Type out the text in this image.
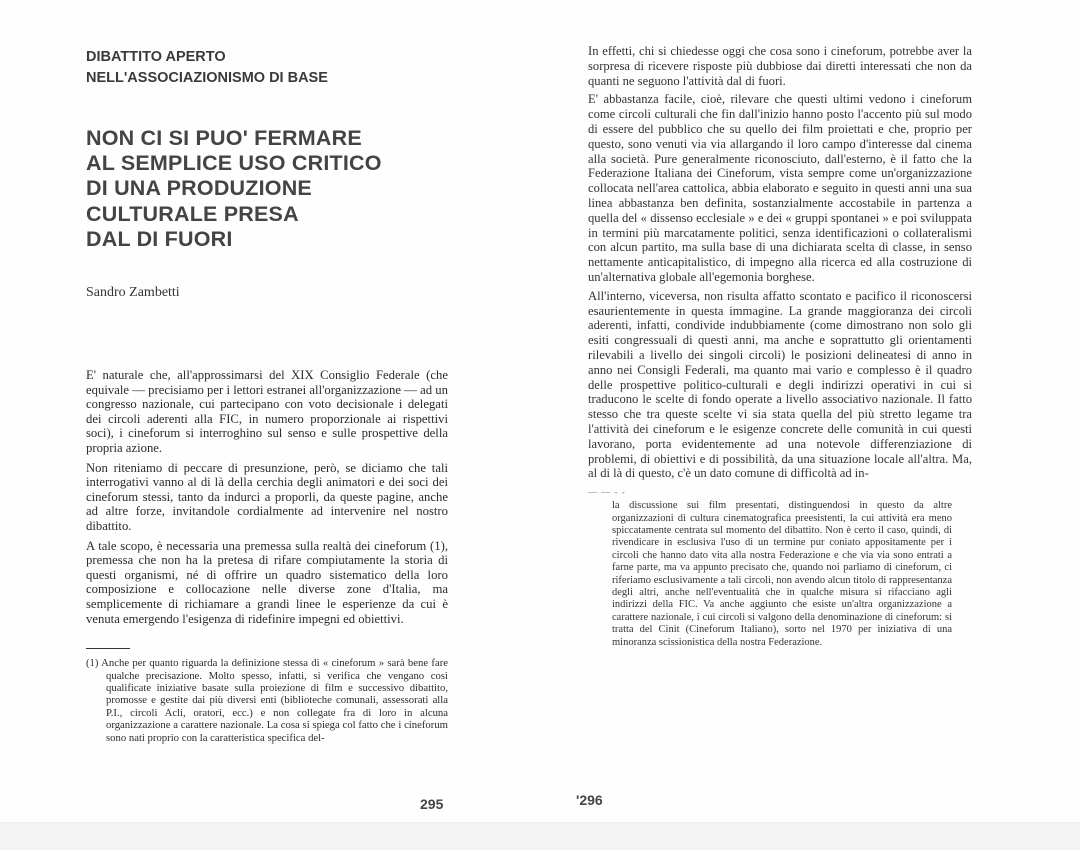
DIBATTITO APERTO
NELL'ASSOCIAZIONISMO DI BASE
NON CI SI PUO' FERMARE
AL SEMPLICE USO CRITICO
DI UNA PRODUZIONE
CULTURALE PRESA
DAL DI FUORI
Sandro Zambetti

E' naturale che, all'approssimarsi del XIX Consiglio Federale (che equivale — precisiamo per i lettori estranei all'organizzazione — ad un congresso nazionale, cui partecipano con voto decisionale i delegati dei circoli aderenti alla FIC, in numero proporzionale ai rispettivi soci), i cineforum si interroghino sul senso e sulle prospettive della propria azione.

Non riteniamo di peccare di presunzione, però, se diciamo che tali interrogativi vanno al di là della cerchia degli animatori e dei soci dei cineforum stessi, tanto da indurci a proporli, da queste pagine, anche ad altre forze, invitandole cordialmente ad intervenire nel nostro dibattito.

A tale scopo, è necessaria una premessa sulla realtà dei cineforum (1), premessa che non ha la pretesa di rifare compiutamente la storia di questi organismi, né di offrire un quadro sistematico della loro composizione e collocazione nelle diverse zone d'Italia, ma semplicemente di richiamare a grandi linee le esperienze da cui è venuta emergendo l'esigenza di ridefinire impegni ed obiettivi.

(1) Anche per quanto riguarda la definizione stessa di « cineforum » sarà bene fare qualche precisazione. Molto spesso, infatti, si verifica che vengano così qualificate iniziative basate sulla proiezione di film e successivo dibattito, promosse e gestite dai più diversi enti (biblioteche comunali, assessorati alla P.I., circoli Acli, oratori, ecc.) e non collegate fra di loro in alcuna organizzazione a carattere nazionale. La cosa si spiega col fatto che i cineforum sono nati proprio con la caratteristica specifica del-

In effetti, chi si chiedesse oggi che cosa sono i cineforum, potrebbe aver la sorpresa di ricevere risposte più dubbiose dai diretti interessati che non da quanti ne seguono l'attività dal di fuori.

E' abbastanza facile, cioè, rilevare che questi ultimi vedono i cineforum come circoli culturali che fin dall'inizio hanno posto l'accento più sul modo di essere del pubblico che su quello dei film proiettati e che, proprio per questo, sono venuti via via allargando il loro campo d'interesse dal cinema alla società. Pure generalmente riconosciuto, dall'esterno, è il fatto che la Federazione Italiana dei Cineforum, vista sempre come un'organizzazione collocata nell'area cattolica, abbia elaborato e seguito in questi anni una sua linea abbastanza ben definita, sostanzialmente accostabile in partenza a quella del « dissenso ecclesiale » e dei « gruppi spontanei » e poi sviluppata in termini più marcatamente politici, senza identificazioni o collateralismi con alcun partito, ma sulla base di una dichiarata scelta di classe, in senso nettamente anticapitalistico, di impegno alla ricerca ed alla costruzione di un'alternativa globale all'egemonia borghese.

All'interno, viceversa, non risulta affatto scontato e pacifico il riconoscersi esaurientemente in questa immagine. La grande maggioranza dei circoli aderenti, infatti, condivide indubbiamente (come dimostrano non solo gli esiti congressuali di questi anni, ma anche e soprattutto gli orientamenti rilevabili a livello dei singoli circoli) le posizioni delineatesi di anno in anno nei Consigli Federali, ma quanto mai vario e complesso è il quadro delle prospettive politico-culturali e degli indirizzi operativi in cui si traducono le scelte di fondo operate a livello associativo nazionale. Il fatto stesso che tra queste scelte vi sia stata quella del più stretto legame tra l'attività dei cineforum e le esigenze concrete delle comunità in cui questi lavorano, porta evidentemente ad una notevole differenziazione di problemi, di obiettivi e di possibilità, da una situazione locale all'altra. Ma, al di là di questo, c'è un dato comune di difficoltà ad in-

— — - -

la discussione sui film presentati, distinguendosi in questo da altre organizzazioni di cultura cinematografica preesistenti, la cui attività era meno spiccatamente centrata sul momento del dibattito. Non è certo il caso, quindi, di rivendicare in esclusiva l'uso di un termine pur coniato appositamente per i circoli che hanno dato vita alla nostra Federazione e che via via sono entrati a farne parte, ma va appunto precisato che, quando noi parliamo di cineforum, ci riferiamo esclusivamente a tali circoli, non avendo alcun titolo di rappresentanza degli altri, anche nell'eventualità che in qualche misura si rifacciano agli indirizzi della FIC. Va anche aggiunto che esiste un'altra organizzazione a carattere nazionale, i cui circoli si valgono della denominazione di cineforum: si tratta del Cinit (Cineforum Italiano), sorto nel 1970 per iniziativa di una minoranza scissionistica della nostra Federazione.

295	'296
